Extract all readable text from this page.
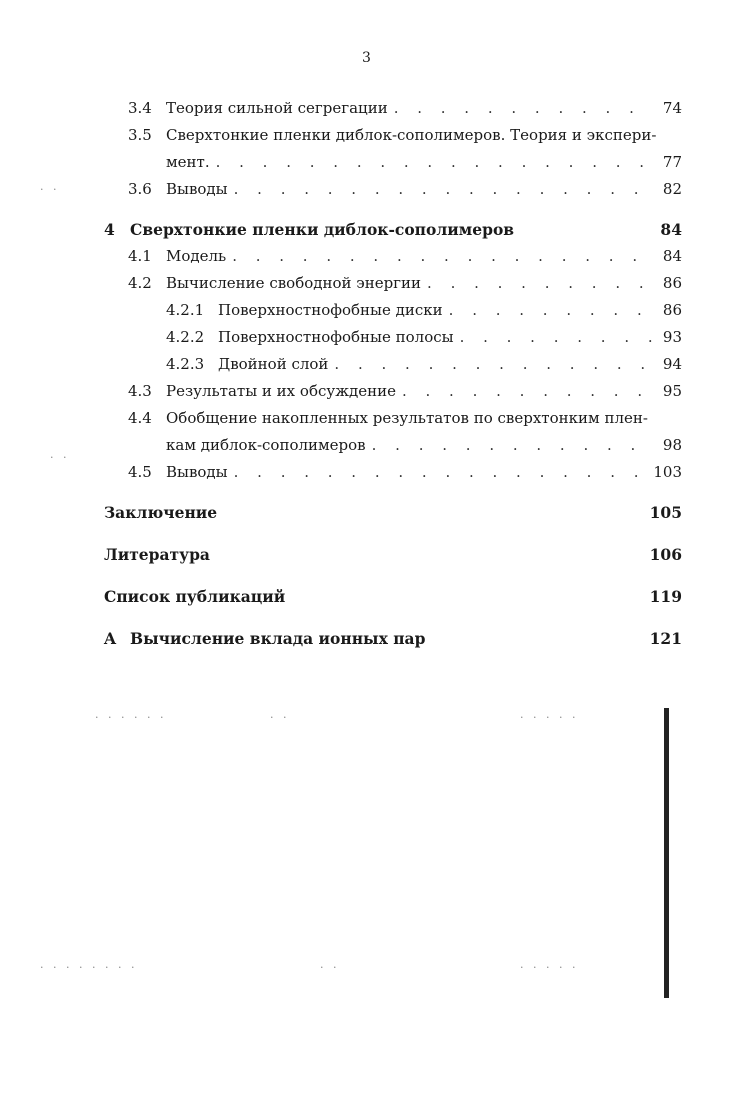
3
3.4 Теория сильной сегрегации . . .	74
3.5 Сверхтонкие пленки диблок-сополимеров. Теория и экспери-
мент. . . .	77
3.6 Выводы . . .	82
4 Сверхтонкие пленки диблок-сополимеров	84
4.1 Модель . . .	84
4.2 Вычисление свободной энергии . . .	86
4.2.1 Поверхностнофобные диски . . .	86
4.2.2 Поверхностнофобные полосы . . .	93
4.2.3 Двойной слой . . .	94
4.3 Результаты и их обсуждение . . .	95
4.4 Обобщение накопленных результатов по сверхтонким плен-
кам диблок-сополимеров . . .	98
4.5 Выводы . . .	103
Заключение	105
Литература	106
Список публикаций	119
A Вычисление вклада ионных пар	121
. . . . . .	. .	. . . . .
. . . . . . . .	. .	. . . . .
. .
. .
